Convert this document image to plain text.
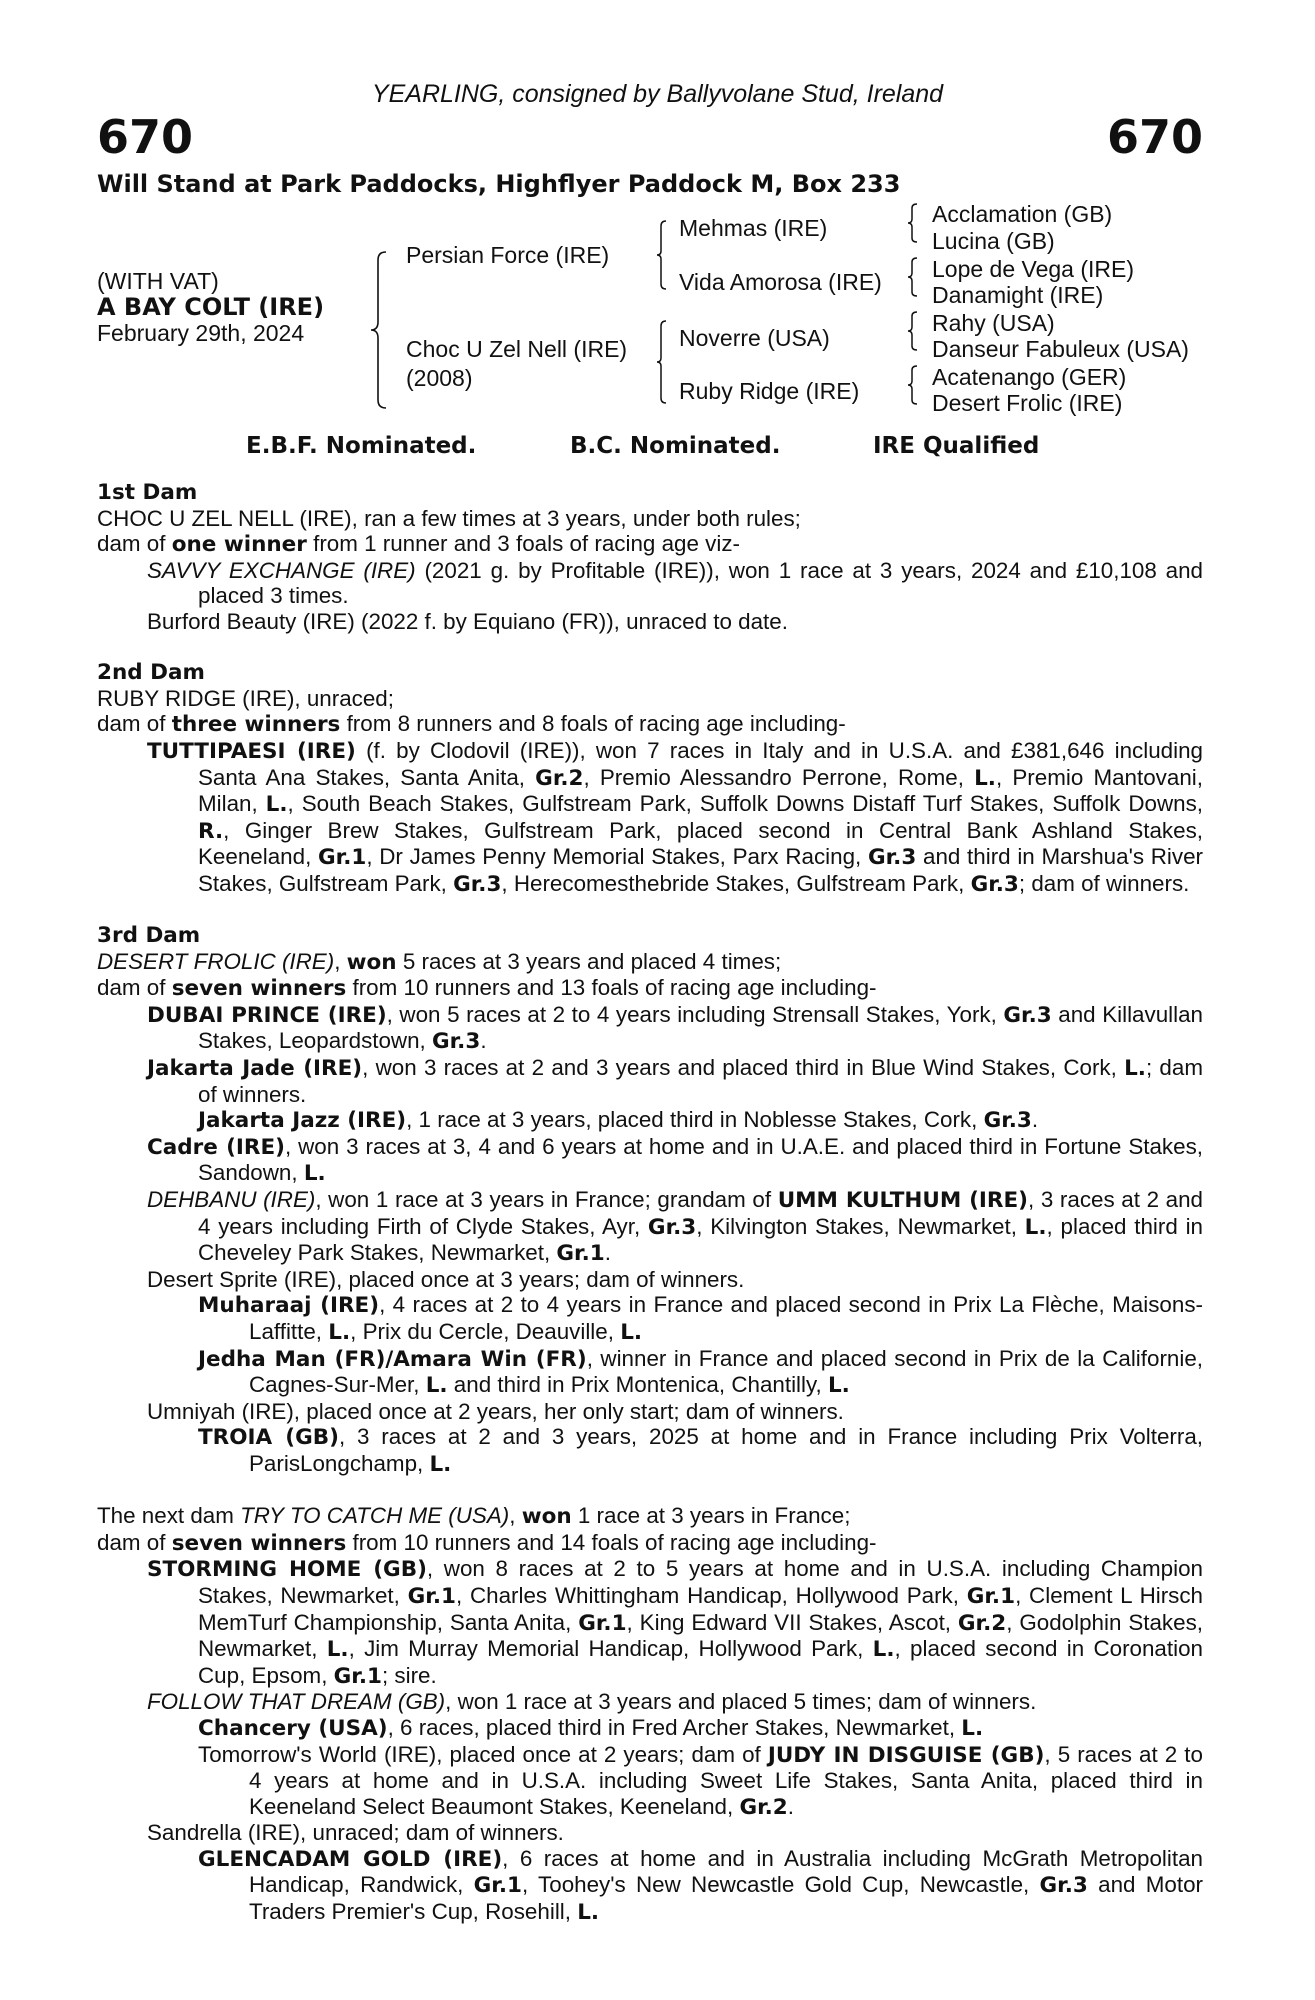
YEARLING, consigned by Ballyvolane Stud, Ireland
670	670
Will Stand at Park Paddocks, Highflyer Paddock M, Box 233
(WITH VAT)
A BAY COLT (IRE)
February 29th, 2024
Persian Force (IRE)
Choc U Zel Nell (IRE)
(2008)
Mehmas (IRE)
Vida Amorosa (IRE)
Noverre (USA)
Ruby Ridge (IRE)
Acclamation (GB)
Lucina (GB)
Lope de Vega (IRE)
Danamight (IRE)
Rahy (USA)
Danseur Fabuleux (USA)
Acatenango (GER)
Desert Frolic (IRE)
E.B.F. Nominated.	B.C. Nominated.	IRE Qualified
1st Dam
CHOC U ZEL NELL (IRE), ran a few times at 3 years, under both rules;
dam of one winner from 1 runner and 3 foals of racing age viz-
SAVVY EXCHANGE (IRE) (2021 g. by Profitable (IRE)), won 1 race at 3 years, 2024 and £10,108 and placed 3 times.
Burford Beauty (IRE) (2022 f. by Equiano (FR)), unraced to date.
2nd Dam
RUBY RIDGE (IRE), unraced;
dam of three winners from 8 runners and 8 foals of racing age including-
TUTTIPAESI (IRE) (f. by Clodovil (IRE)), won 7 races in Italy and in U.S.A. and £381,646 including Santa Ana Stakes, Santa Anita, Gr.2, Premio Alessandro Perrone, Rome, L., Premio Mantovani, Milan, L., South Beach Stakes, Gulfstream Park, Suffolk Downs Distaff Turf Stakes, Suffolk Downs, R., Ginger Brew Stakes, Gulfstream Park, placed second in Central Bank Ashland Stakes, Keeneland, Gr.1, Dr James Penny Memorial Stakes, Parx Racing, Gr.3 and third in Marshua's River Stakes, Gulfstream Park, Gr.3, Herecomesthebride Stakes, Gulfstream Park, Gr.3; dam of winners.
3rd Dam
DESERT FROLIC (IRE), won 5 races at 3 years and placed 4 times;
dam of seven winners from 10 runners and 13 foals of racing age including-
DUBAI PRINCE (IRE), won 5 races at 2 to 4 years including Strensall Stakes, York, Gr.3 and Killavullan Stakes, Leopardstown, Gr.3.
Jakarta Jade (IRE), won 3 races at 2 and 3 years and placed third in Blue Wind Stakes, Cork, L.; dam of winners.
Jakarta Jazz (IRE), 1 race at 3 years, placed third in Noblesse Stakes, Cork, Gr.3.
Cadre (IRE), won 3 races at 3, 4 and 6 years at home and in U.A.E. and placed third in Fortune Stakes, Sandown, L.
DEHBANU (IRE), won 1 race at 3 years in France; grandam of UMM KULTHUM (IRE), 3 races at 2 and 4 years including Firth of Clyde Stakes, Ayr, Gr.3, Kilvington Stakes, Newmarket, L., placed third in Cheveley Park Stakes, Newmarket, Gr.1.
Desert Sprite (IRE), placed once at 3 years; dam of winners.
Muharaaj (IRE), 4 races at 2 to 4 years in France and placed second in Prix La Flèche, Maisons-Laffitte, L., Prix du Cercle, Deauville, L.
Jedha Man (FR)/Amara Win (FR), winner in France and placed second in Prix de la Californie, Cagnes-Sur-Mer, L. and third in Prix Montenica, Chantilly, L.
Umniyah (IRE), placed once at 2 years, her only start; dam of winners.
TROIA (GB), 3 races at 2 and 3 years, 2025 at home and in France including Prix Volterra, ParisLongchamp, L.
The next dam TRY TO CATCH ME (USA), won 1 race at 3 years in France;
dam of seven winners from 10 runners and 14 foals of racing age including-
STORMING HOME (GB), won 8 races at 2 to 5 years at home and in U.S.A. including Champion Stakes, Newmarket, Gr.1, Charles Whittingham Handicap, Hollywood Park, Gr.1, Clement L Hirsch MemTurf Championship, Santa Anita, Gr.1, King Edward VII Stakes, Ascot, Gr.2, Godolphin Stakes, Newmarket, L., Jim Murray Memorial Handicap, Hollywood Park, L., placed second in Coronation Cup, Epsom, Gr.1; sire.
FOLLOW THAT DREAM (GB), won 1 race at 3 years and placed 5 times; dam of winners.
Chancery (USA), 6 races, placed third in Fred Archer Stakes, Newmarket, L.
Tomorrow's World (IRE), placed once at 2 years; dam of JUDY IN DISGUISE (GB), 5 races at 2 to 4 years at home and in U.S.A. including Sweet Life Stakes, Santa Anita, placed third in Keeneland Select Beaumont Stakes, Keeneland, Gr.2.
Sandrella (IRE), unraced; dam of winners.
GLENCADAM GOLD (IRE), 6 races at home and in Australia including McGrath Metropolitan Handicap, Randwick, Gr.1, Toohey's New Newcastle Gold Cup, Newcastle, Gr.3 and Motor Traders Premier's Cup, Rosehill, L.
